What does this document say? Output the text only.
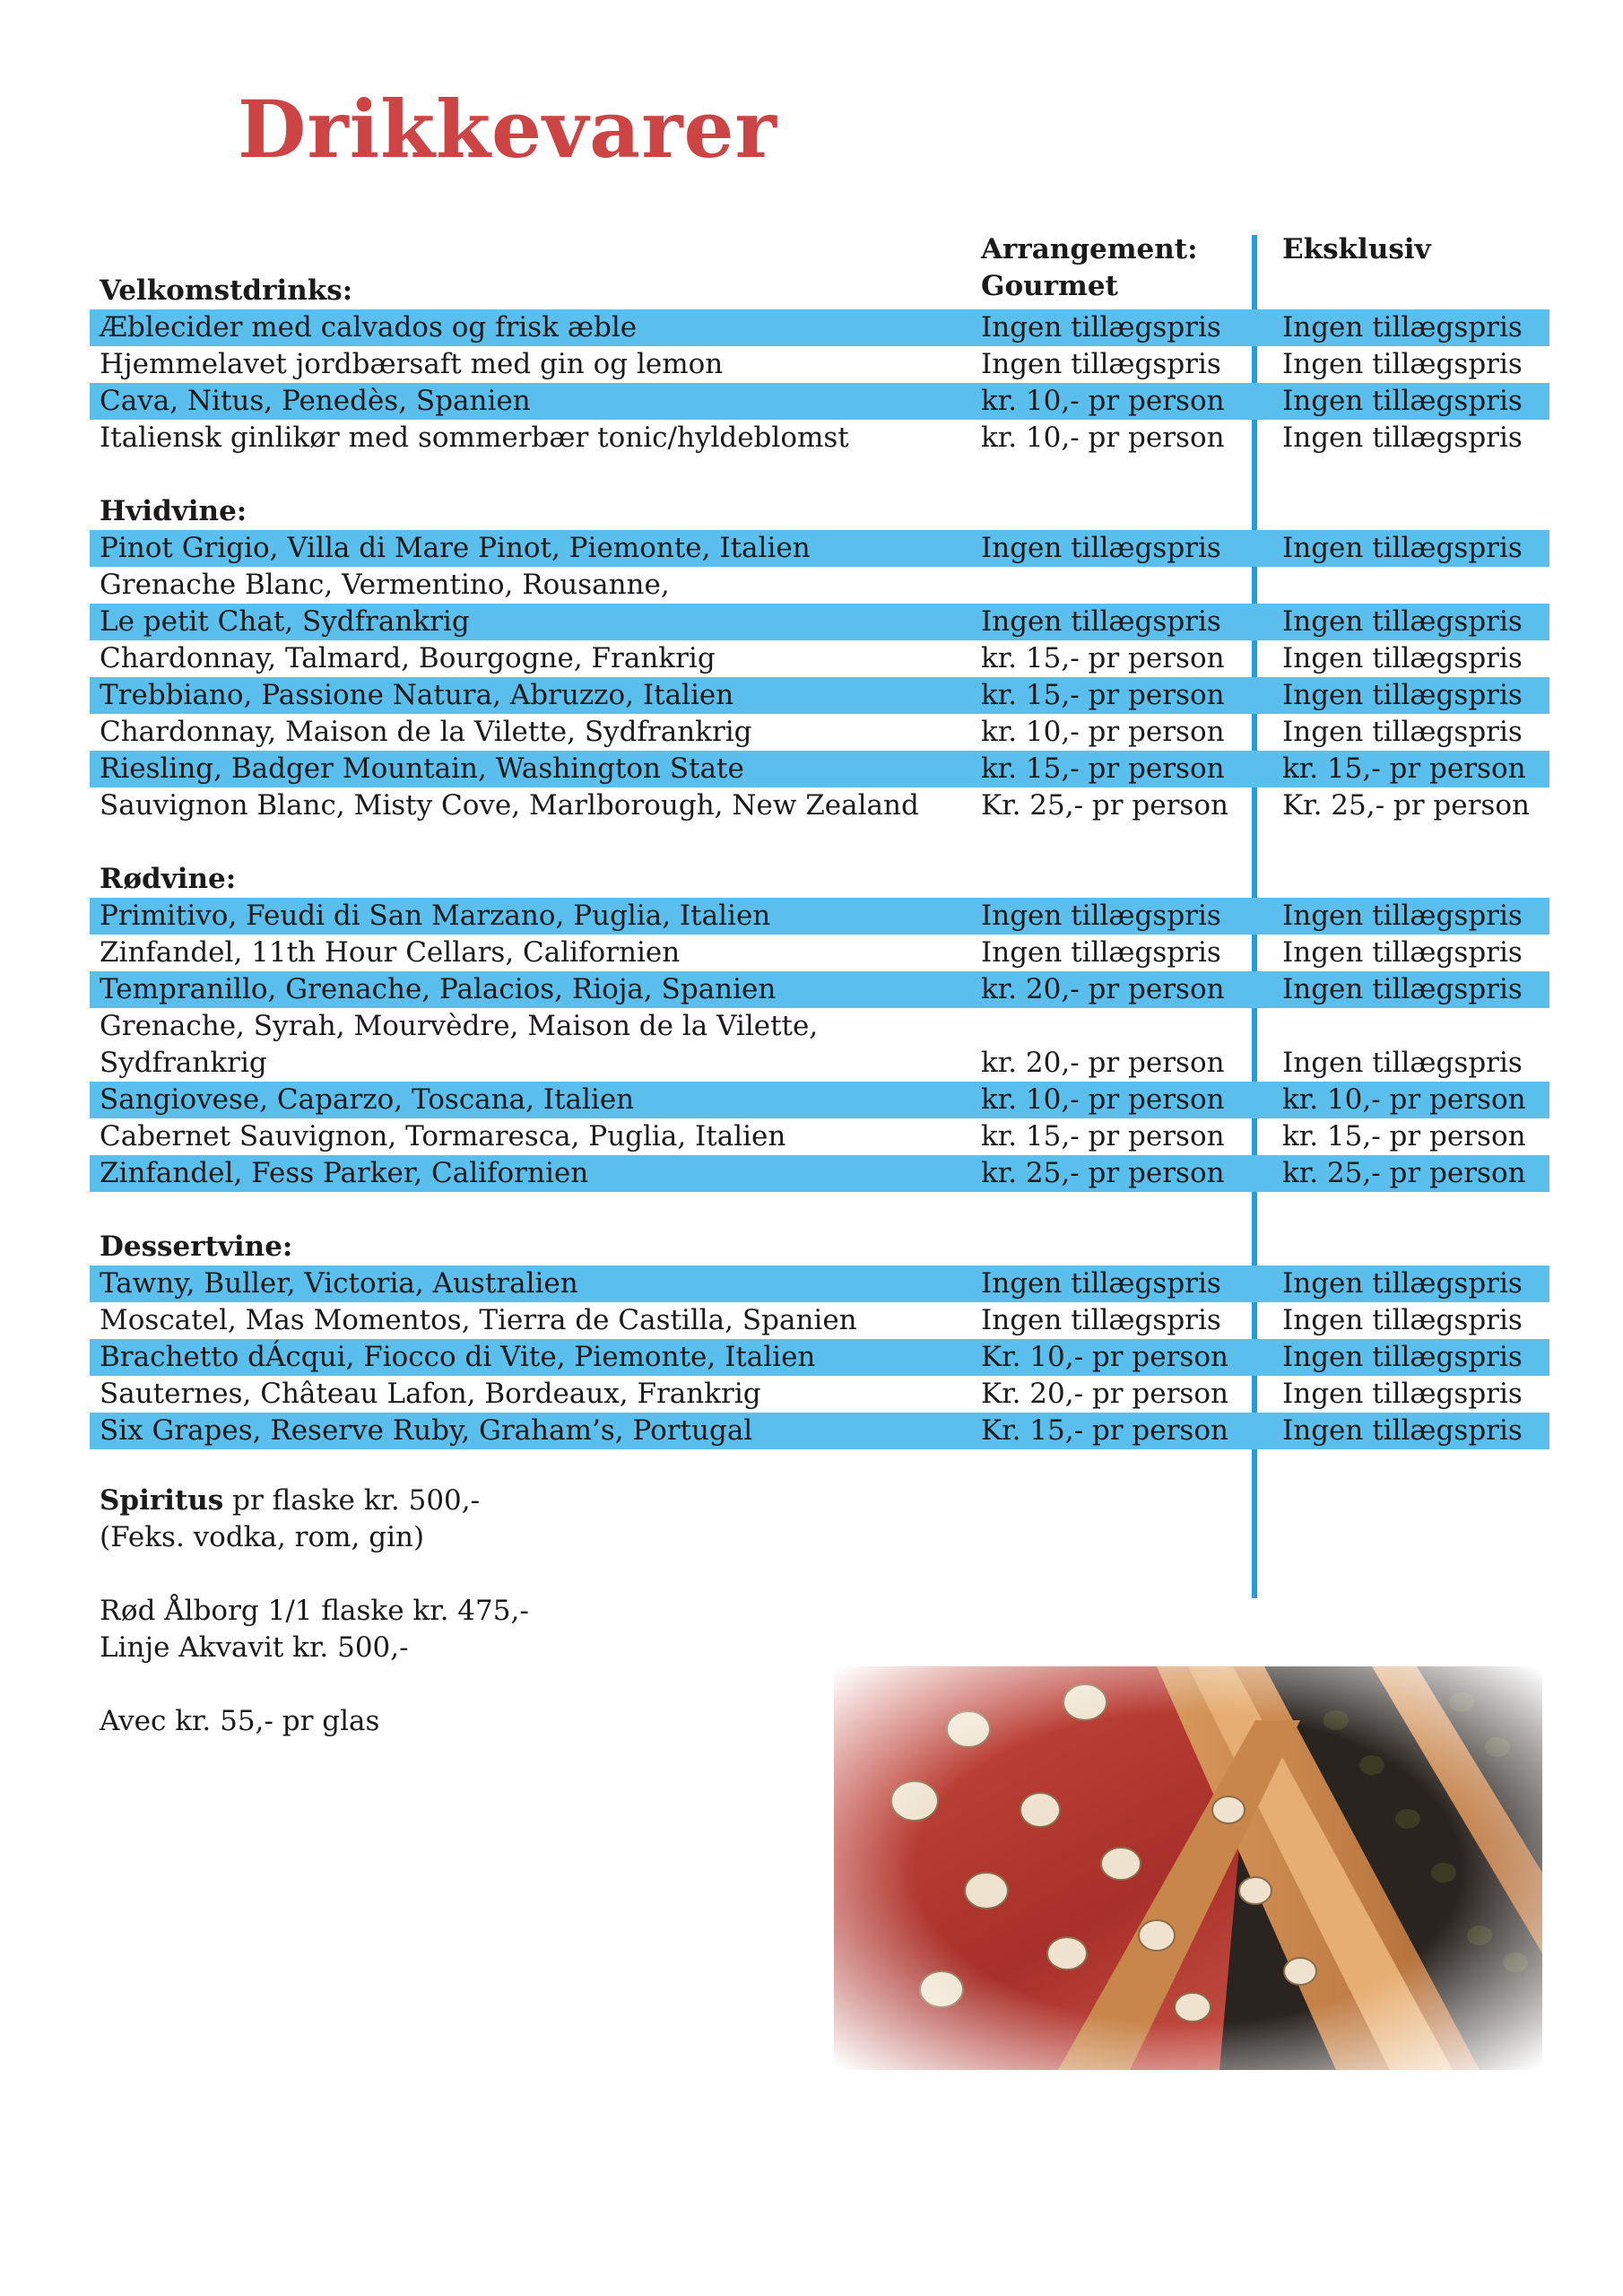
Drikkevarer
Arrangement:
Gourmet
Eksklusiv
Velkomstdrinks:
Æblecider med calvados og frisk æble	Ingen tillægspris Ingen tillægspris
Hjemmelavet jordbærsaft med gin og lemon	Ingen tillægspris Ingen tillægspris
Cava, Nitus, Penedès, Spanien	kr. 10,- pr person Ingen tillægspris
Italiensk ginlikør med sommerbær tonic/hyldeblomst	kr. 10,- pr person Ingen tillægspris
Hvidvine:
Pinot Grigio, Villa di Mare Pinot, Piemonte, Italien	Ingen tillægspris Ingen tillægspris
Grenache Blanc, Vermentino, Rousanne,
Le petit Chat, Sydfrankrig	Ingen tillægspris Ingen tillægspris
Chardonnay, Talmard, Bourgogne, Frankrig	kr. 15,- pr person Ingen tillægspris
Trebbiano, Passione Natura, Abruzzo, Italien	kr. 15,- pr person Ingen tillægspris
Chardonnay, Maison de la Vilette, Sydfrankrig	kr. 10,- pr person Ingen tillægspris
Riesling, Badger Mountain, Washington State	kr. 15,- pr person kr. 15,- pr person
Sauvignon Blanc, Misty Cove, Marlborough, New Zealand Kr. 25,- pr person Kr. 25,- pr person
Rødvine:
Primitivo, Feudi di San Marzano, Puglia, Italien	Ingen tillægspris Ingen tillægspris
Zinfandel, 11th Hour Cellars, Californien	Ingen tillægspris Ingen tillægspris
Tempranillo, Grenache, Palacios, Rioja, Spanien	kr. 20,- pr person Ingen tillægspris
Grenache, Syrah, Mourvèdre, Maison de la Vilette,
Sydfrankrig	kr. 20,- pr person Ingen tillægspris
Sangiovese, Caparzo, Toscana, Italien	kr. 10,- pr person kr. 10,- pr person
Cabernet Sauvignon, Tormaresca, Puglia, Italien	kr. 15,- pr person kr. 15,- pr person
Zinfandel, Fess Parker, Californien	kr. 25,- pr person kr. 25,- pr person
Dessertvine:
Tawny, Buller, Victoria, Australien	Ingen tillægspris Ingen tillægspris
Moscatel, Mas Momentos, Tierra de Castilla, Spanien	Ingen tillægspris Ingen tillægspris
Brachetto dÁcqui, Fiocco di Vite, Piemonte, Italien	Kr. 10,- pr person Ingen tillægspris
Sauternes, Château Lafon, Bordeaux, Frankrig	Kr. 20,- pr person Ingen tillægspris
Six Grapes, Reserve Ruby, Graham’s, Portugal	Kr. 15,- pr person Ingen tillægspris
Spiritus pr flaske kr. 500,-
(Feks. vodka, rom, gin)
Rød Ålborg 1/1 flaske kr. 475,-
Linje Akvavit kr. 500,-
Avec kr. 55,- pr glas
